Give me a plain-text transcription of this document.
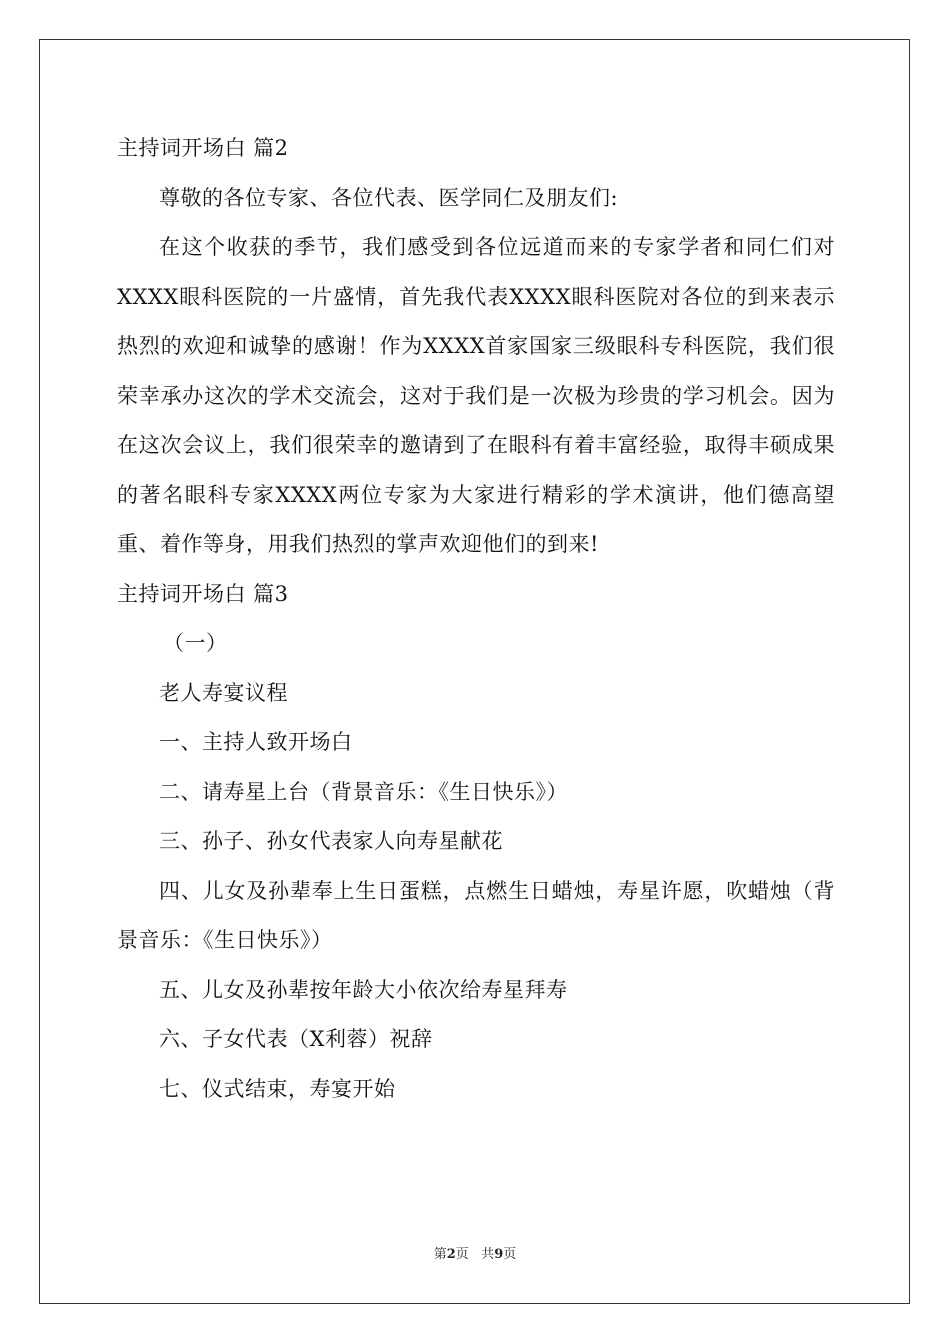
主持词开场白 篇2

尊敬的各位专家、各位代表、医学同仁及朋友们:

在这个收获的季节，我们感受到各位远道而来的专家学者和同仁们对XXXX眼科医院的一片盛情，首先我代表XXXX眼科医院对各位的到来表示热烈的欢迎和诚挚的感谢！作为XXXX首家国家三级眼科专科医院，我们很荣幸承办这次的学术交流会，这对于我们是一次极为珍贵的学习机会。因为在这次会议上，我们很荣幸的邀请到了在眼科有着丰富经验，取得丰硕成果的著名眼科专家XXXX两位专家为大家进行精彩的学术演讲，他们德高望重、着作等身，用我们热烈的掌声欢迎他们的到来!

主持词开场白 篇3

（一）

老人寿宴议程

一、主持人致开场白

二、请寿星上台（背景音乐：《生日快乐》）

三、孙子、孙女代表家人向寿星献花

四、儿女及孙辈奉上生日蛋糕，点燃生日蜡烛，寿星许愿，吹蜡烛（背景音乐：《生日快乐》）

五、儿女及孙辈按年龄大小依次给寿星拜寿

六、子女代表（X利蓉）祝辞

七、仪式结束，寿宴开始

第2页 共9页
